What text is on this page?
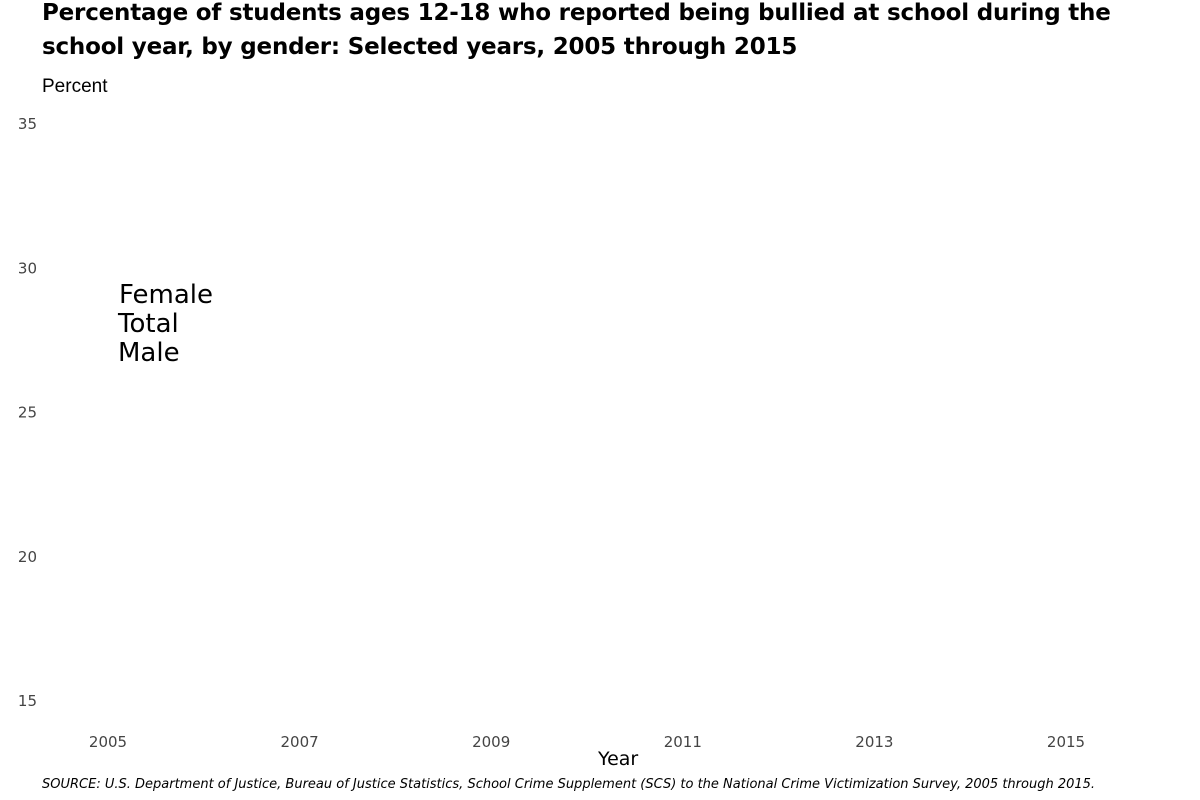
Percentage of students ages 12-18 who reported being bullied at school during the school year, by gender: Selected years, 2005 through 2015
Percent
35
30
25
20
15
2005	2007	2009	2011	2013	2015
Female
Total
Male
Year
SOURCE: U.S. Department of Justice, Bureau of Justice Statistics, School Crime Supplement (SCS) to the National Crime Victimization Survey, 2005 through 2015.
